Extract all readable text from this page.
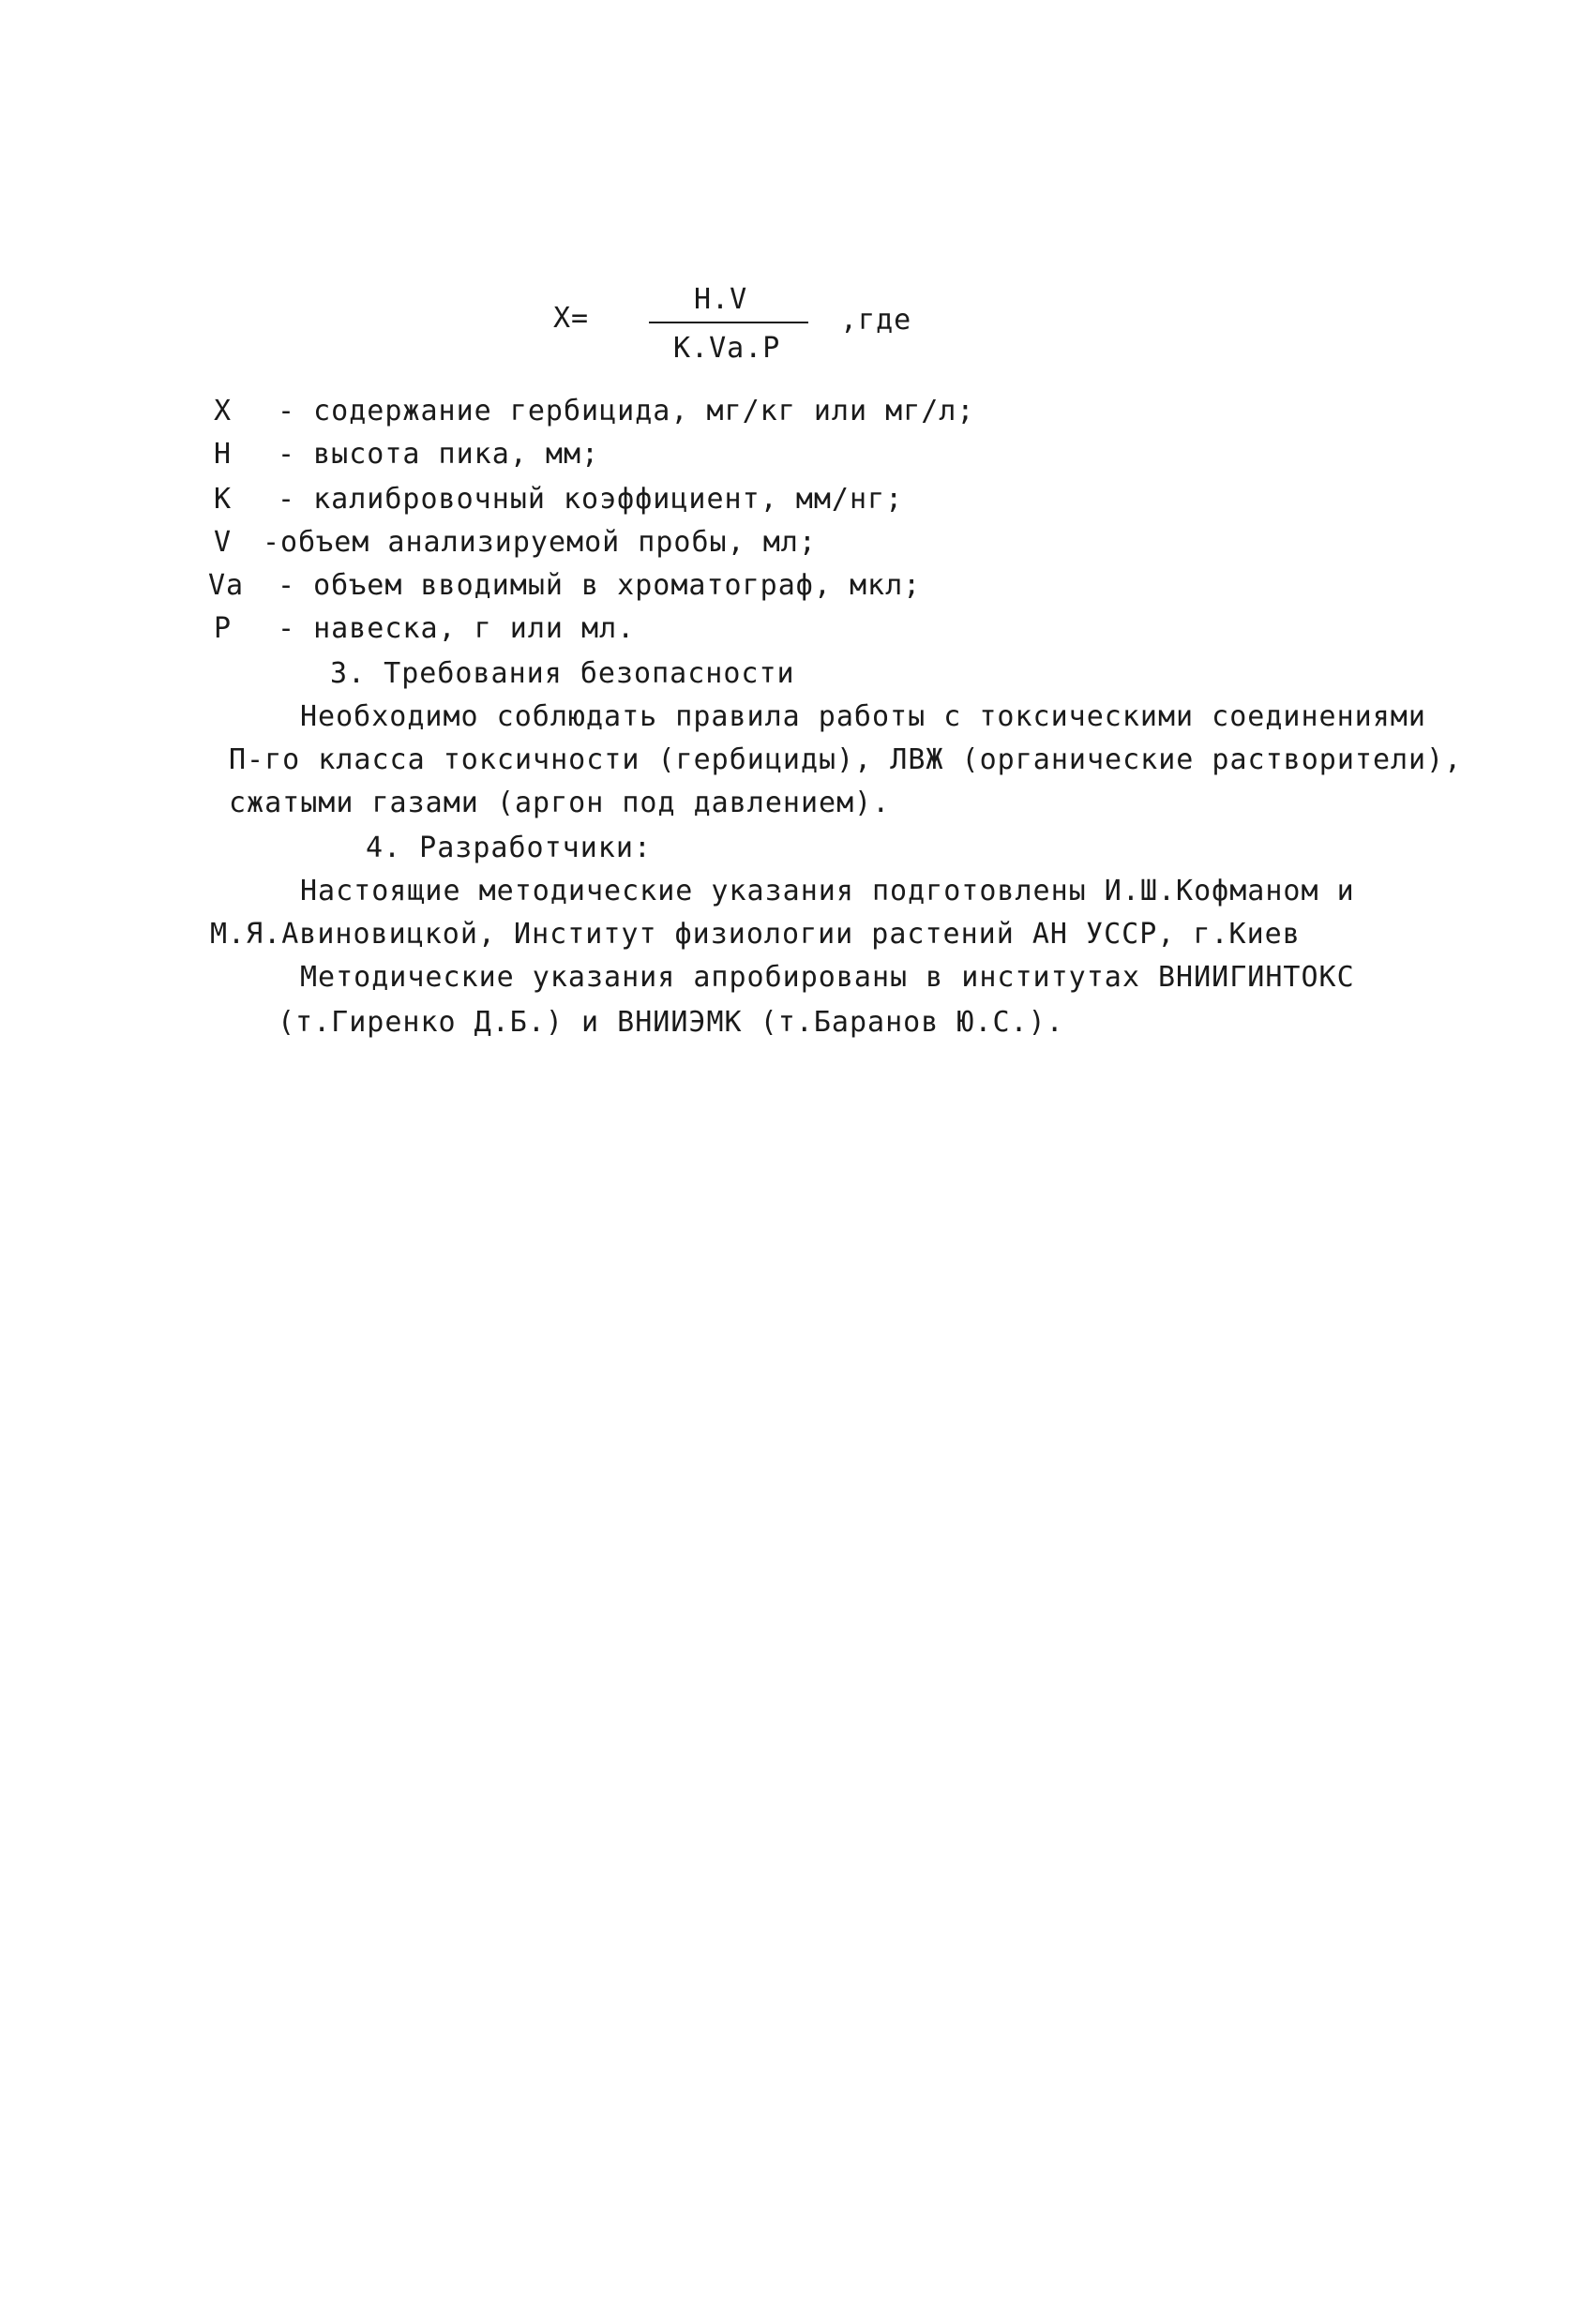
X=
H.V
K.Va.P
,где
X - содержание гербицида, мг/кг или мг/л;
H - высота пика, мм;
K - калибровочный коэффициент, мм/нг;
V -объем анализируемой пробы, мл;
Va - объем вводимый в хроматограф, мкл;
P - навеска, г или мл.
3. Требования безопасности
Необходимо соблюдать правила работы с токсическими соединениями
П-го класса токсичности (гербициды), ЛВЖ (органические растворители),
сжатыми газами (аргон под давлением).
4. Разработчики:
Настоящие методические указания подготовлены И.Ш.Кофманом и
М.Я.Авиновицкой, Институт физиологии растений АН УССР, г.Киев
Методические указания апробированы в институтах ВНИИГИНТОКС
(т.Гиренко Д.Б.) и ВНИИЭМК (т.Баранов Ю.С.).
